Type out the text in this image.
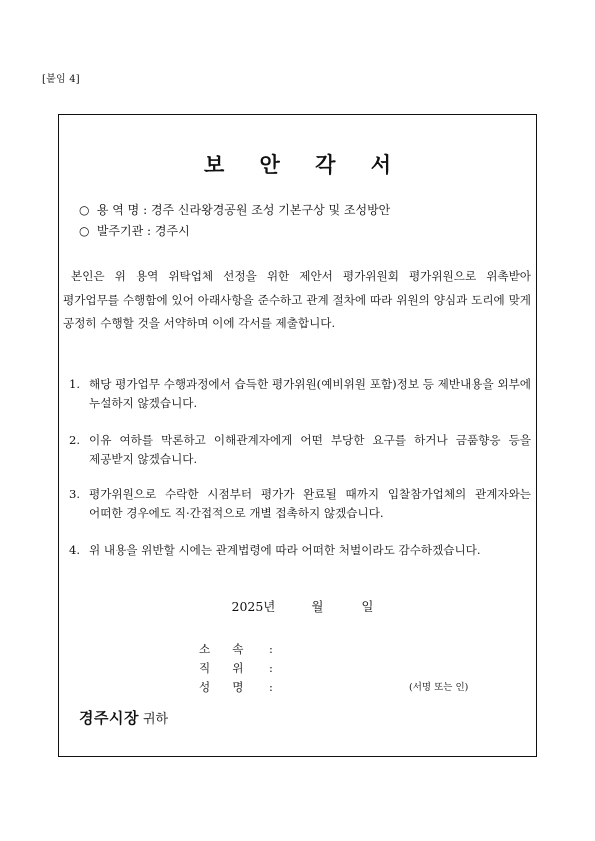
[붙임 4]
보 안 각 서
○ 용 역 명 : 경주 신라왕경공원 조성 기본구상 및 조성방안
○ 발주기관 : 경주시
본인은 위 용역 위탁업체 선정을 위한 제안서 평가위원회 평가위원으로 위촉받아 평가업무를 수행함에 있어 아래사항을 준수하고 관계 절차에 따라 위원의 양심과 도리에 맞게 공정히 수행할 것을 서약하며 이에 각서를 제출합니다.
1. 해당 평가업무 수행과정에서 습득한 평가위원(예비위원 포함)정보 등 제반내용을 외부에 누설하지 않겠습니다.
2. 이유 여하를 막론하고 이해관계자에게 어떤 부당한 요구를 하거나 금품향응 등을 제공받지 않겠습니다.
3. 평가위원으로 수락한 시점부터 평가가 완료될 때까지 입찰참가업체의 관계자와는 어떠한 경우에도 직·간접적으로 개별 접촉하지 않겠습니다.
4. 위 내용을 위반할 시에는 관계법령에 따라 어떠한 처벌이라도 감수하겠습니다.
2025년	월	일
소속 :
직위 :
성명 :	(서명 또는 인)
경주시장 귀하
